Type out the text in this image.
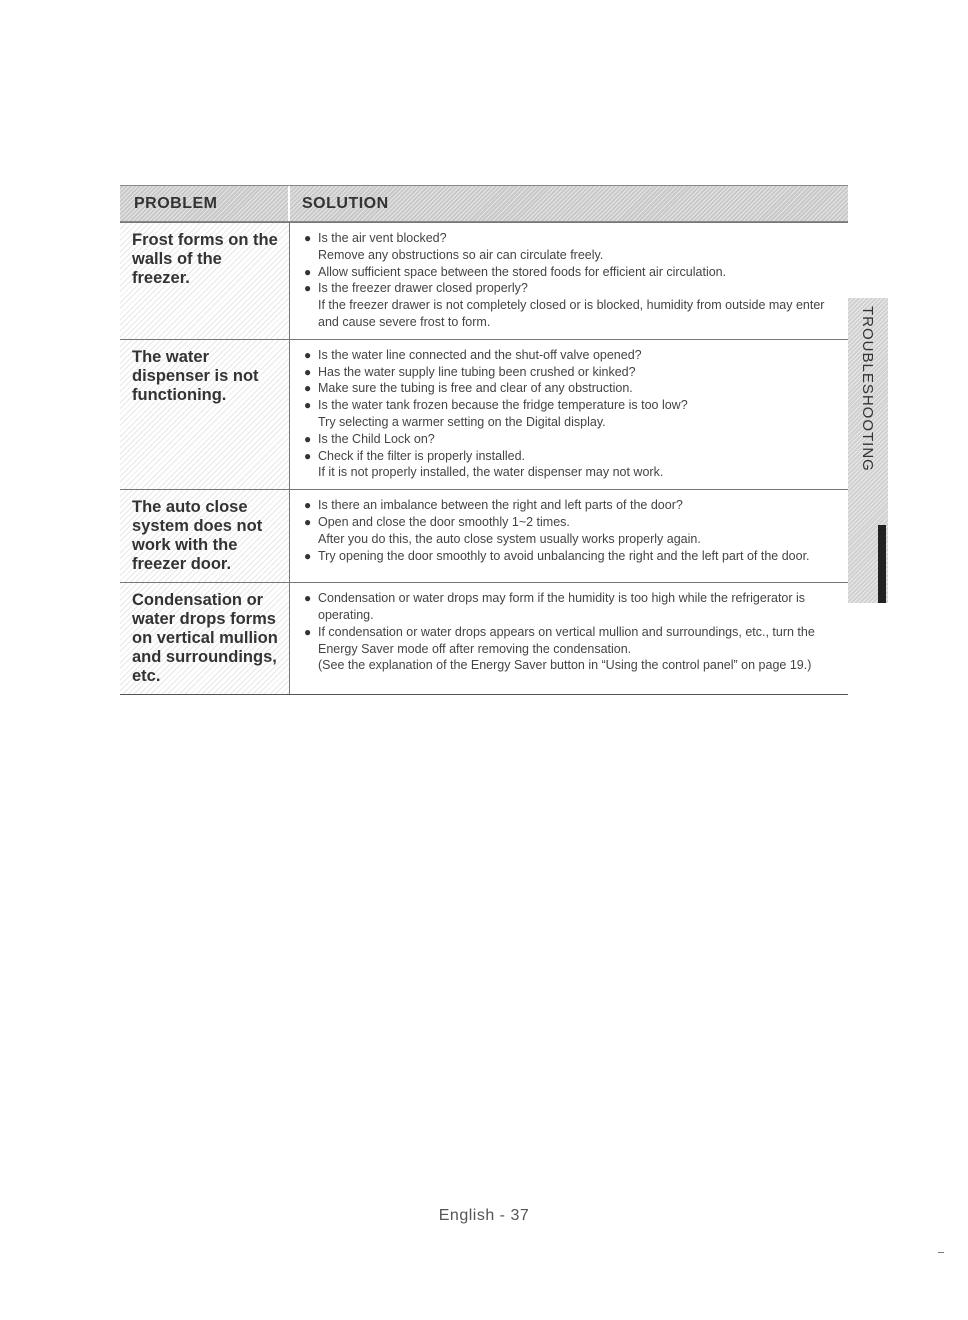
PROBLEM	SOLUTION
Frost forms on the walls of the freezer.
● Is the air vent blocked?
Remove any obstructions so air can circulate freely.
● Allow sufficient space between the stored foods for efficient air circulation.
● Is the freezer drawer closed properly?
If the freezer drawer is not completely closed or is blocked, humidity from outside may enter and cause severe frost to form.
The water dispenser is not functioning.
● Is the water line connected and the shut-off valve opened?
● Has the water supply line tubing been crushed or kinked?
● Make sure the tubing is free and clear of any obstruction.
● Is the water tank frozen because the fridge temperature is too low?
Try selecting a warmer setting on the Digital display.
● Is the Child Lock on?
● Check if the filter is properly installed.
If it is not properly installed, the water dispenser may not work.
The auto close system does not work with the freezer door.
● Is there an imbalance between the right and left parts of the door?
● Open and close the door smoothly 1~2 times.
After you do this, the auto close system usually works properly again.
● Try opening the door smoothly to avoid unbalancing the right and the left part of the door.
Condensation or water drops forms on vertical mullion and surroundings, etc.
● Condensation or water drops may form if the humidity is too high while the refrigerator is operating.
● If condensation or water drops appears on vertical mullion and surroundings, etc., turn the Energy Saver mode off after removing the condensation.
(See the explanation of the Energy Saver button in “Using the control panel” on page 19.)
TROUBLESHOOTING
English - 37
